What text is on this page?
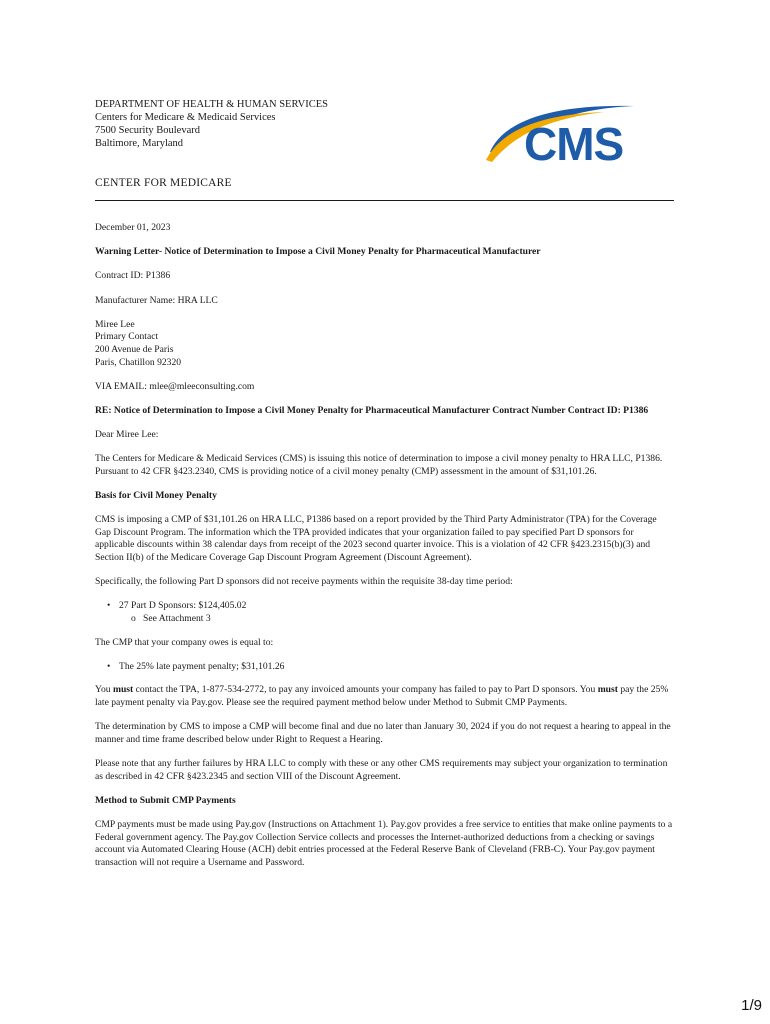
DEPARTMENT OF HEALTH & HUMAN SERVICES
Centers for Medicare & Medicaid Services
7500 Security Boulevard
Baltimore, Maryland	CMS
CENTER FOR MEDICARE

December 01, 2023

Warning Letter- Notice of Determination to Impose a Civil Money Penalty for Pharmaceutical Manufacturer

Contract ID: P1386

Manufacturer Name: HRA LLC

Miree Lee
Primary Contact
200 Avenue de Paris
Paris, Chatillon 92320

VIA EMAIL: mlee@mleeconsulting.com

RE: Notice of Determination to Impose a Civil Money Penalty for Pharmaceutical Manufacturer Contract Number Contract ID: P1386

Dear Miree Lee:

The Centers for Medicare & Medicaid Services (CMS) is issuing this notice of determination to impose a civil money penalty to HRA LLC, P1386. Pursuant to 42 CFR §423.2340, CMS is providing notice of a civil money penalty (CMP) assessment in the amount of $31,101.26.

Basis for Civil Money Penalty

CMS is imposing a CMP of $31,101.26 on HRA LLC, P1386 based on a report provided by the Third Party Administrator (TPA) for the Coverage Gap Discount Program. The information which the TPA provided indicates that your organization failed to pay specified Part D sponsors for applicable discounts within 38 calendar days from receipt of the 2023 second quarter invoice. This is a violation of 42 CFR §423.2315(b)(3) and Section II(b) of the Medicare Coverage Gap Discount Program Agreement (Discount Agreement).

Specifically, the following Part D sponsors did not receive payments within the requisite 38-day time period:

• 27 Part D Sponsors: $124,405.02
o See Attachment 3

The CMP that your company owes is equal to:

• The 25% late payment penalty; $31,101.26

You must contact the TPA, 1-877-534-2772, to pay any invoiced amounts your company has failed to pay to Part D sponsors. You must pay the 25% late payment penalty via Pay.gov. Please see the required payment method below under Method to Submit CMP Payments.

The determination by CMS to impose a CMP will become final and due no later than January 30, 2024 if you do not request a hearing to appeal in the manner and time frame described below under Right to Request a Hearing.

Please note that any further failures by HRA LLC to comply with these or any other CMS requirements may subject your organization to termination as described in 42 CFR §423.2345 and section VIII of the Discount Agreement.

Method to Submit CMP Payments

CMP payments must be made using Pay.gov (Instructions on Attachment 1). Pay.gov provides a free service to entities that make online payments to a Federal government agency. The Pay.gov Collection Service collects and processes the Internet-authorized deductions from a checking or savings account via Automated Clearing House (ACH) debit entries processed at the Federal Reserve Bank of Cleveland (FRB-C). Your Pay.gov payment transaction will not require a Username and Password.

1/9
